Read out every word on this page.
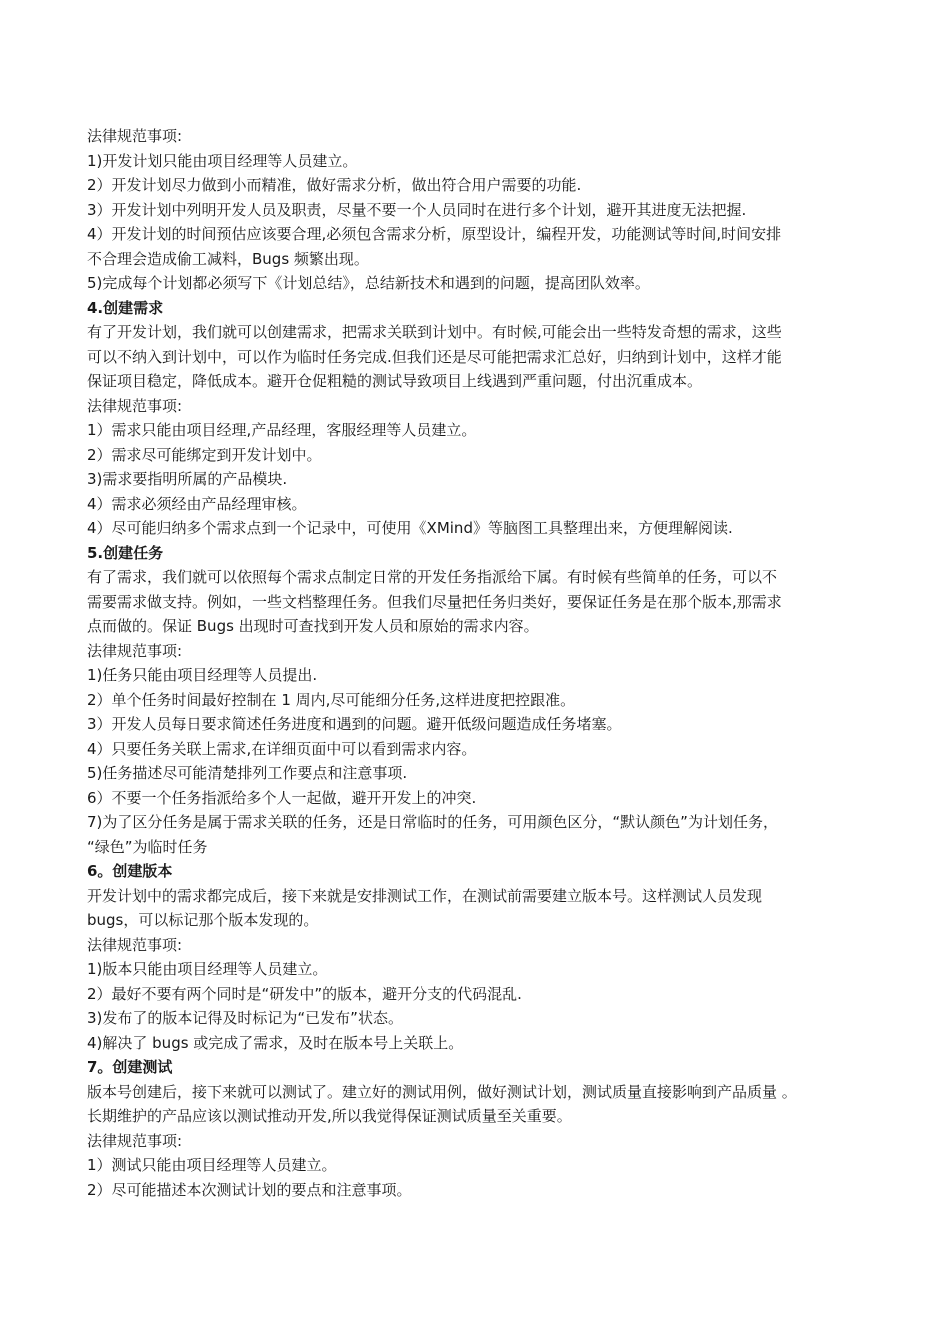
法律规范事项:
1)开发计划只能由项目经理等人员建立。
2）开发计划尽力做到小而精准，做好需求分析，做出符合用户需要的功能.
3）开发计划中列明开发人员及职责，尽量不要一个人员同时在进行多个计划，避开其进度无法把握.
4）开发计划的时间预估应该要合理,必须包含需求分析，原型设计，编程开发，功能测试等时间,时间安排
不合理会造成偷工减料，Bugs 频繁出现。
5)完成每个计划都必须写下《计划总结》，总结新技术和遇到的问题，提高团队效率。
4.创建需求
有了开发计划，我们就可以创建需求，把需求关联到计划中。有时候,可能会出一些特发奇想的需求，这些
可以不纳入到计划中，可以作为临时任务完成.但我们还是尽可能把需求汇总好，归纳到计划中，这样才能
保证项目稳定，降低成本。避开仓促粗糙的测试导致项目上线遇到严重问题，付出沉重成本。
法律规范事项:
1）需求只能由项目经理,产品经理，客服经理等人员建立。
2）需求尽可能绑定到开发计划中。
3)需求要指明所属的产品模块.
4）需求必须经由产品经理审核。
4）尽可能归纳多个需求点到一个记录中，可使用《XMind》等脑图工具整理出来，方便理解阅读.
5.创建任务
有了需求，我们就可以依照每个需求点制定日常的开发任务指派给下属。有时候有些简单的任务，可以不
需要需求做支持。例如，一些文档整理任务。但我们尽量把任务归类好，要保证任务是在那个版本,那需求
点而做的。保证 Bugs 出现时可查找到开发人员和原始的需求内容。
法律规范事项:
1)任务只能由项目经理等人员提出.
2）单个任务时间最好控制在 1 周内,尽可能细分任务,这样进度把控跟准。
3）开发人员每日要求简述任务进度和遇到的问题。避开低级问题造成任务堵塞。
4）只要任务关联上需求,在详细页面中可以看到需求内容。
5)任务描述尽可能清楚排列工作要点和注意事项.
6）不要一个任务指派给多个人一起做，避开开发上的冲突.
7)为了区分任务是属于需求关联的任务，还是日常临时的任务，可用颜色区分，“默认颜色”为计划任务，
“绿色”为临时任务
6。创建版本
开发计划中的需求都完成后，接下来就是安排测试工作，在测试前需要建立版本号。这样测试人员发现
bugs，可以标记那个版本发现的。
法律规范事项:
1)版本只能由项目经理等人员建立。
2）最好不要有两个同时是“研发中”的版本，避开分支的代码混乱.
3)发布了的版本记得及时标记为“已发布”状态。
4)解决了 bugs 或完成了需求，及时在版本号上关联上。
7。创建测试
版本号创建后，接下来就可以测试了。建立好的测试用例，做好测试计划，测试质量直接影响到产品质量 。
长期维护的产品应该以测试推动开发,所以我觉得保证测试质量至关重要。
法律规范事项:
1）测试只能由项目经理等人员建立。
2）尽可能描述本次测试计划的要点和注意事项。
